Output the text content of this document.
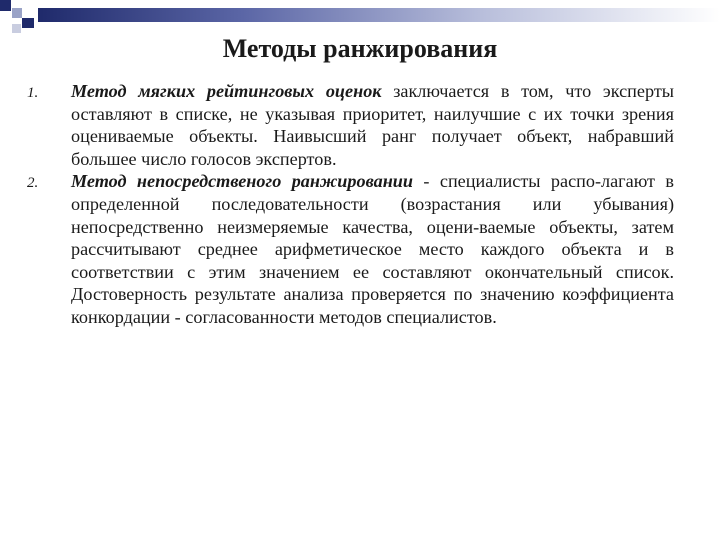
Методы ранжирования
1. Метод мягких рейтинговых оценок заключается в том, что эксперты оставляют в списке, не указывая приоритет, наилучшие с их точки зрения оцениваемые объекты. Наивысший ранг получает объект, набравший большее число голосов экспертов.

2. Метод непосредственого ранжировании - специалисты распо-лагают в определенной последовательности (возрастания или убывания) непосредственно неизмеряемые качества, оцени-ваемые объекты, затем рассчитывают среднее арифметическое место каждого объекта и в соответствии с этим значением ее составляют окончательный список. Достоверность результате анализа проверяется по значению коэффициента конкордации - согласованности методов специалистов.
